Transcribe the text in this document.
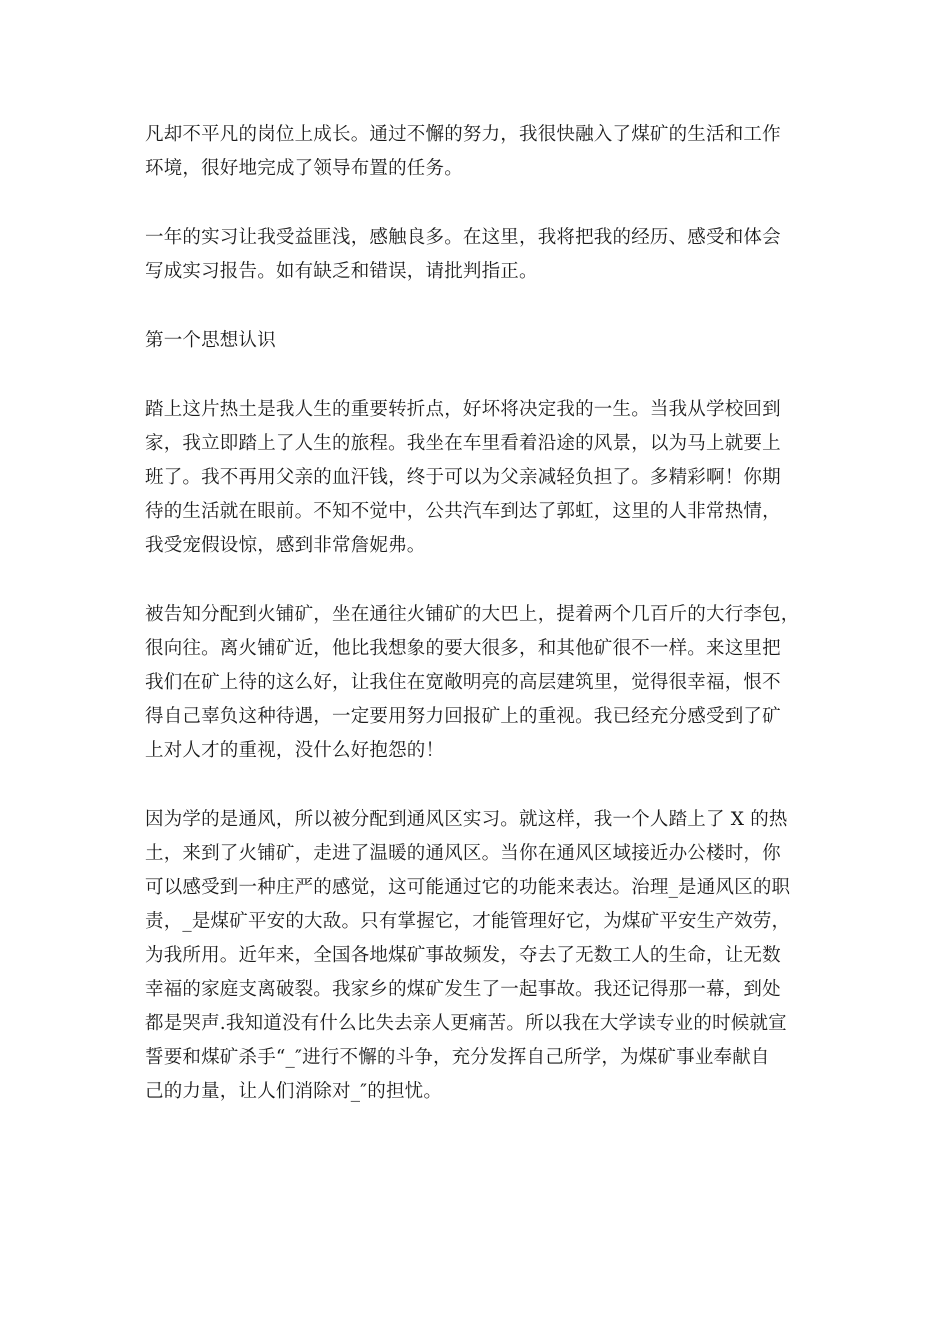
凡却不平凡的岗位上成长。通过不懈的努力，我很快融入了煤矿的生活和工作
环境，很好地完成了领导布置的任务。
一年的实习让我受益匪浅，感触良多。在这里，我将把我的经历、感受和体会
写成实习报告。如有缺乏和错误，请批判指正。
第一个思想认识
踏上这片热土是我人生的重要转折点，好坏将决定我的一生。当我从学校回到
家，我立即踏上了人生的旅程。我坐在车里看着沿途的风景，以为马上就要上
班了。我不再用父亲的血汗钱，终于可以为父亲减轻负担了。多精彩啊！你期
待的生活就在眼前。不知不觉中，公共汽车到达了郭虹，这里的人非常热情，
我受宠假设惊，感到非常詹妮弗。
被告知分配到火铺矿，坐在通往火铺矿的大巴上，提着两个几百斤的大行李包，
很向往。离火铺矿近，他比我想象的要大很多，和其他矿很不一样。来这里把
我们在矿上待的这么好，让我住在宽敞明亮的高层建筑里，觉得很幸福，恨不
得自己辜负这种待遇，一定要用努力回报矿上的重视。我已经充分感受到了矿
上对人才的重视，没什么好抱怨的！
因为学的是通风，所以被分配到通风区实习。就这样，我一个人踏上了 X 的热
土，来到了火铺矿，走进了温暖的通风区。当你在通风区域接近办公楼时，你
可以感受到一种庄严的感觉，这可能通过它的功能来表达。治理_是通风区的职
责，_是煤矿平安的大敌。只有掌握它，才能管理好它，为煤矿平安生产效劳，
为我所用。近年来，全国各地煤矿事故频发，夺去了无数工人的生命，让无数
幸福的家庭支离破裂。我家乡的煤矿发生了一起事故。我还记得那一幕，到处
都是哭声.我知道没有什么比失去亲人更痛苦。所以我在大学读专业的时候就宣
誓要和煤矿杀手“_″进行不懈的斗争，充分发挥自己所学，为煤矿事业奉献自
己的力量，让人们消除对_″的担忧。
